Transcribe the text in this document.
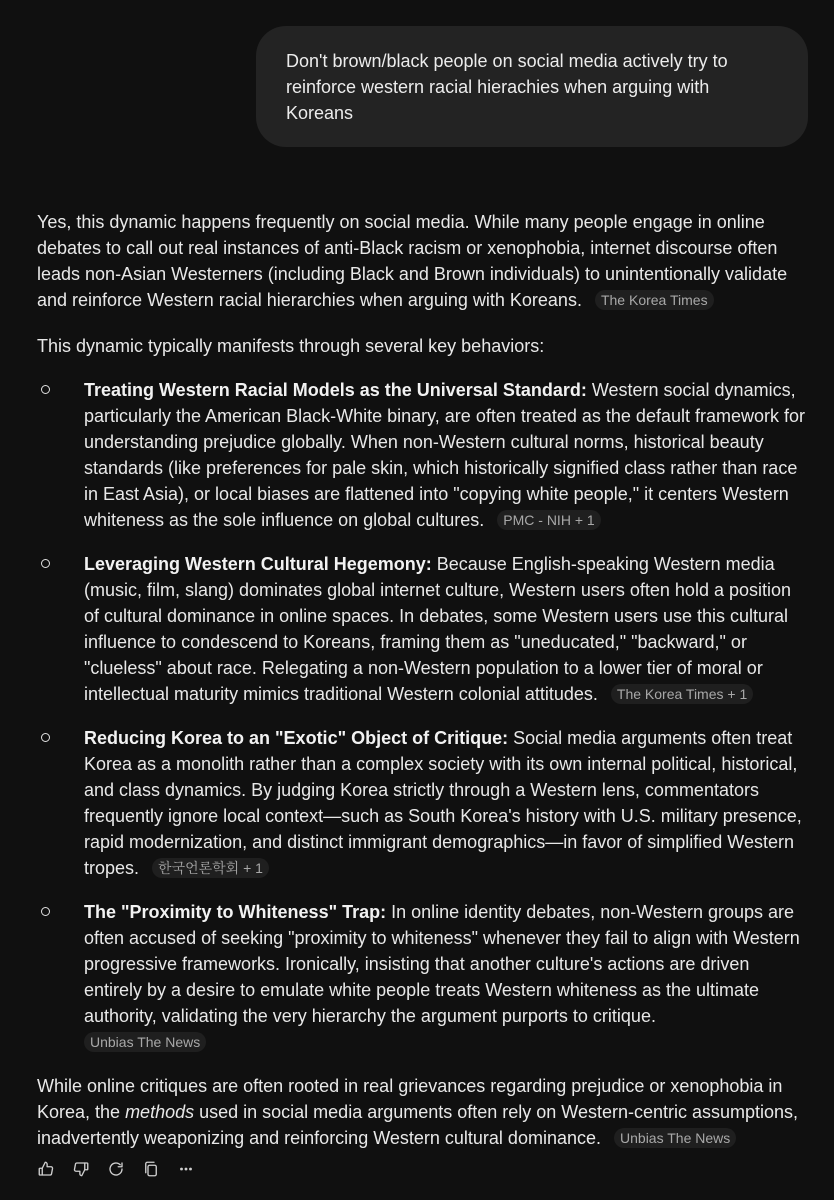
Don't brown/black people on social media actively try to reinforce western racial hierachies when arguing with Koreans

Yes, this dynamic happens frequently on social media. While many people engage in online debates to call out real instances of anti-Black racism or xenophobia, internet discourse often leads non-Asian Westerners (including Black and Brown individuals) to unintentionally validate and reinforce Western racial hierarchies when arguing with Koreans. The Korea Times

This dynamic typically manifests through several key behaviors:

Treating Western Racial Models as the Universal Standard: Western social dynamics, particularly the American Black-White binary, are often treated as the default framework for understanding prejudice globally. When non-Western cultural norms, historical beauty standards (like preferences for pale skin, which historically signified class rather than race in East Asia), or local biases are flattened into "copying white people," it centers Western whiteness as the sole influence on global cultures. PMC - NIH + 1
Leveraging Western Cultural Hegemony: Because English-speaking Western media (music, film, slang) dominates global internet culture, Western users often hold a position of cultural dominance in online spaces. In debates, some Western users use this cultural influence to condescend to Koreans, framing them as "uneducated," "backward," or "clueless" about race. Relegating a non-Western population to a lower tier of moral or intellectual maturity mimics traditional Western colonial attitudes. The Korea Times + 1
Reducing Korea to an "Exotic" Object of Critique: Social media arguments often treat Korea as a monolith rather than a complex society with its own internal political, historical, and class dynamics. By judging Korea strictly through a Western lens, commentators frequently ignore local context—such as South Korea's history with U.S. military presence, rapid modernization, and distinct immigrant demographics—in favor of simplified Western tropes. 한국언론학회 + 1
The "Proximity to Whiteness" Trap: In online identity debates, non-Western groups are often accused of seeking "proximity to whiteness" whenever they fail to align with Western progressive frameworks. Ironically, insisting that another culture's actions are driven entirely by a desire to emulate white people treats Western whiteness as the ultimate authority, validating the very hierarchy the argument purports to critique.
Unbias The News

While online critiques are often rooted in real grievances regarding prejudice or xenophobia in Korea, the methods used in social media arguments often rely on Western-centric assumptions, inadvertently weaponizing and reinforcing Western cultural dominance. Unbias The News
